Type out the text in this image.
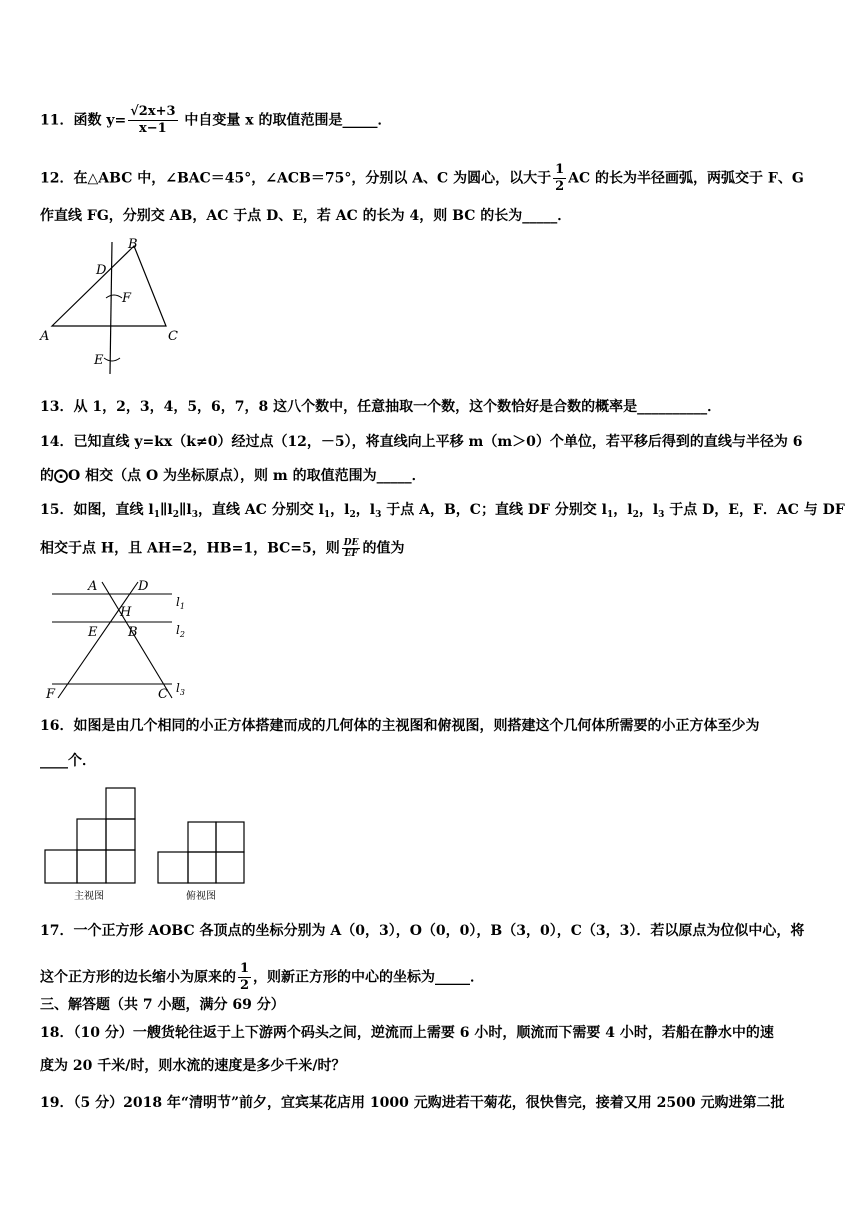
11．函数 $y= \frac{√2x+3}{x-1}$ 中自变量 x 的取值范围是_____．
12．在△ABC 中，∠BAC＝45°，∠ACB＝75°，分别以 A、C 为圆心，以大于 $\frac{1}{2}$ AC 的长为半径画弧，两弧交于 F、G
作直线 FG，分别交 AB，AC 于点 D、E，若 AC 的长为 4，则 BC 的长为_____．
B
D
F
A	C
E
13．从 1，2，3，4，5，6，7，8 这八个数中，任意抽取一个数，这个数恰好是合数的概率是__________．
14．已知直线 y=kx（k≠0）经过点（12，－5），将直线向上平移 m（m＞0）个单位，若平移后得到的直线与半径为 6
的⨀O 相交（点 O 为坐标原点），则 m 的取值范围为_____．
15．如图，直线 $l_1\parallel l_2\parallel l_3$，直线 AC 分别交 $l_1$，$l_2$，$l_3$ 于点 A，B，C；直线 DF 分别交 $l_1$，$l_2$，$l_3$ 于点 D，E，F．AC 与 DF
相交于点 H，且 AH=2，HB=1，BC=5，则 $\frac{DE}{EF}$ 的值为
A	D
H
$l_1$
E B	$l_2$
F	C $l_3$
16．如图是由几个相同的小正方体搭建而成的几何体的主视图和俯视图，则搭建这个几何体所需要的小正方体至少为
____个．
主视图	俯视图
17．一个正方形 AOBC 各顶点的坐标分别为 A（0，3），O（0，0），B（3，0），C（3，3）．若以原点为位似中心，将
这个正方形的边长缩小为原来的 $\frac{1}{2}$ ，则新正方形的中心的坐标为_____．
三、解答题（共 7 小题，满分 69 分）
18．（10 分）一艘货轮往返于上下游两个码头之间，逆流而上需要 6 小时，顺流而下需要 4 小时，若船在静水中的速
度为 20 千米/时，则水流的速度是多少千米/时？
19．（5 分）2018 年“清明节”前夕，宜宾某花店用 1000 元购进若干菊花，很快售完，接着又用 2500 元购进第二批
